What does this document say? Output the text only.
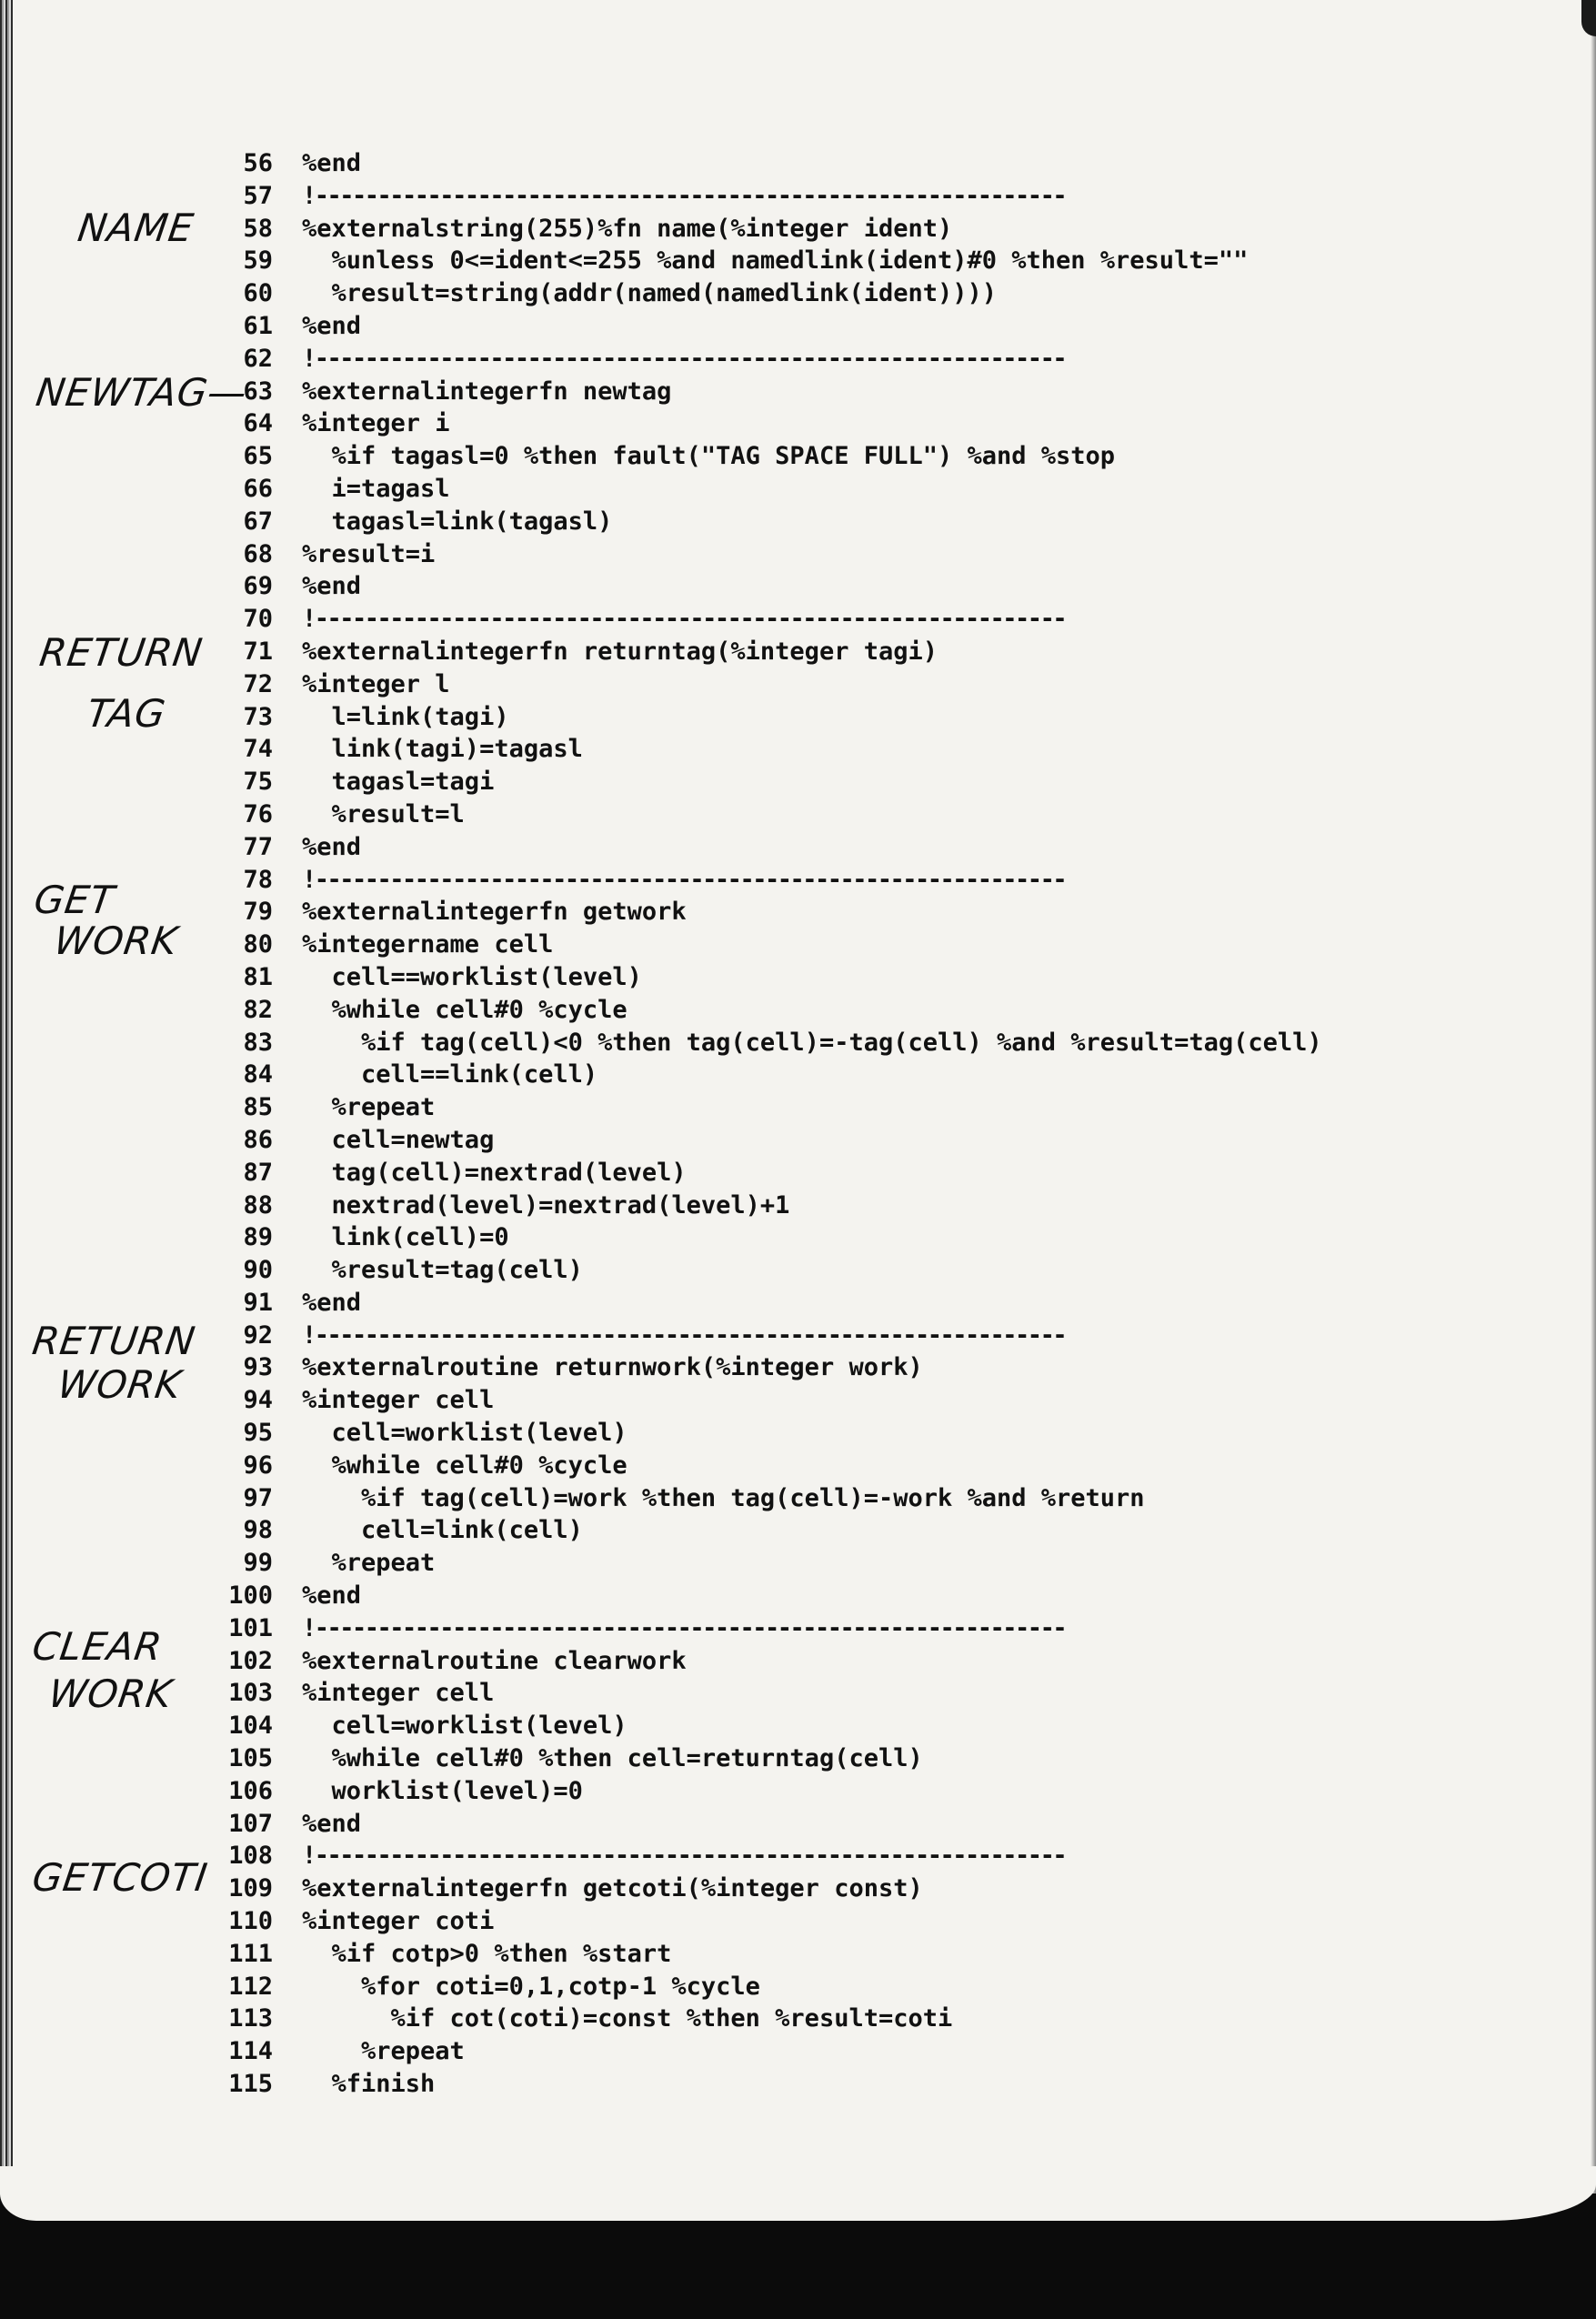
56 %end
57 !------------------------------------------------------------
58 %externalstring(255)%fn name(%integer ident)
59 %unless 0<=ident<=255 %and namedlink(ident)#0 %then %result=""
60 %result=string(addr(named(namedlink(ident))))
61 %end
62 !------------------------------------------------------------
63 %externalintegerfn newtag
64 %integer i
65 %if tagasl=0 %then fault("TAG SPACE FULL") %and %stop
66 i=tagasl
67 tagasl=link(tagasl)
68 %result=i
69 %end
70 !------------------------------------------------------------
71 %externalintegerfn returntag(%integer tagi)
72 %integer l
73 l=link(tagi)
74 link(tagi)=tagasl
75 tagasl=tagi
76 %result=l
77 %end
78 !------------------------------------------------------------
79 %externalintegerfn getwork
80 %integername cell
81 cell==worklist(level)
82 %while cell#0 %cycle
83 %if tag(cell)<0 %then tag(cell)=-tag(cell) %and %result=tag(cell)
84 cell==link(cell)
85 %repeat
86 cell=newtag
87 tag(cell)=nextrad(level)
88 nextrad(level)=nextrad(level)+1
89 link(cell)=0
90 %result=tag(cell)
91 %end
92 !------------------------------------------------------------
93 %externalroutine returnwork(%integer work)
94 %integer cell
95 cell=worklist(level)
96 %while cell#0 %cycle
97 %if tag(cell)=work %then tag(cell)=-work %and %return
98 cell=link(cell)
99 %repeat
100 %end
101 !------------------------------------------------------------
102 %externalroutine clearwork
103 %integer cell
104 cell=worklist(level)
105 %while cell#0 %then cell=returntag(cell)
106 worklist(level)=0
107 %end
108 !------------------------------------------------------------
109 %externalintegerfn getcoti(%integer const)
110 %integer coti
111 %if cotp>0 %then %start
112 %for coti=0,1,cotp-1 %cycle
113 %if cot(coti)=const %then %result=coti
114 %repeat
115 %finish
NAME
NEWTAG—
RETURN
TAG
GET
WORK
RETURN
WORK
CLEAR
WORK
GETCOTI
